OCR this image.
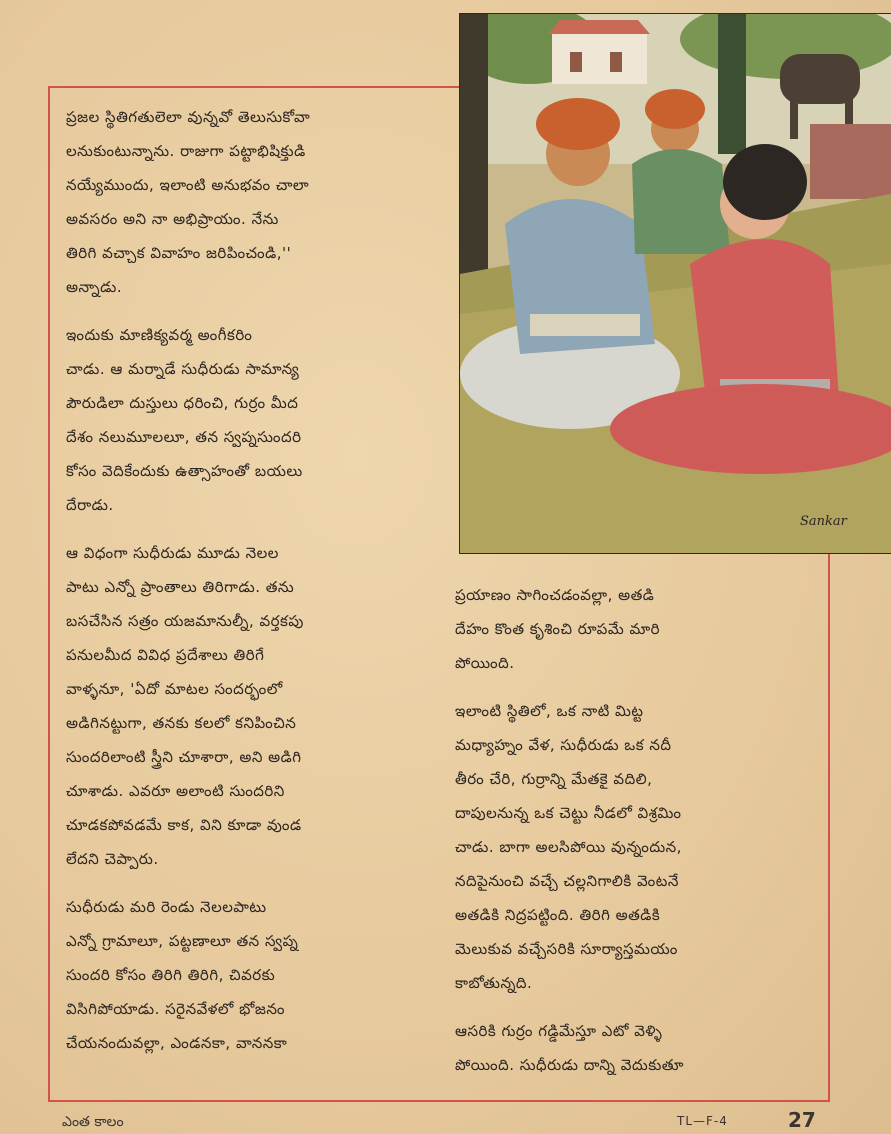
Sankar
ప్రజల స్థితిగతులెలా వున్నవో తెలుసుకోవా
లనుకుంటున్నాను. రాజుగా పట్టాభిషిక్తుడి
నయ్యేముందు, ఇలాంటి అనుభవం చాలా
అవసరం అని నా అభిప్రాయం. నేను
తిరిగి వచ్చాక వివాహం జరిపించండి,''
అన్నాడు.
ఇందుకు మాణిక్యవర్మ అంగీకరిం
చాడు. ఆ మర్నాడే సుధీరుడు సామాన్య
పౌరుడిలా దుస్తులు ధరించి, గుర్రం మీద
దేశం నలుమూలలూ, తన స్వప్నసుందరి
కోసం వెదికేందుకు ఉత్సాహంతో బయలు
దేరాడు.
ఆ విధంగా సుధీరుడు మూడు నెలల
పాటు ఎన్నో ప్రాంతాలు తిరిగాడు. తను
బసచేసిన సత్రం యజమానుల్నీ, వర్తకపు
పనులమీద వివిధ ప్రదేశాలు తిరిగే
వాళ్ళనూ, 'ఏదో మాటల సందర్భంలో
అడిగినట్టుగా, తనకు కలలో కనిపించిన
సుందరిలాంటి స్త్రీని చూశారా, అని అడిగి
చూశాడు. ఎవరూ అలాంటి సుందరిని
చూడకపోవడమే కాక, విని కూడా వుండ
లేదని చెప్పారు.
సుధీరుడు మరి రెండు నెలలపాటు
ఎన్నో గ్రామాలూ, పట్టణాలూ తన స్వప్న
సుందరి కోసం తిరిగి తిరిగి, చివరకు
విసిగిపోయాడు. సరైనవేళలో భోజనం
చేయనందువల్లా, ఎండనకా, వాననకా
ప్రయాణం సాగించడంవల్లా, అతడి
దేహం కొంత కృశించి రూపమే మారి
పోయింది.
ఇలాంటి స్థితిలో, ఒక నాటి మిట్ట
మధ్యాహ్నం వేళ, సుధీరుడు ఒక నదీ
తీరం చేరి, గుర్రాన్ని మేతకై వదిలి,
దాపులనున్న ఒక చెట్టు నీడలో విశ్రమిం
చాడు. బాగా అలసిపోయి వున్నందున,
నదిపైనుంచి వచ్చే చల్లనిగాలికి వెంటనే
అతడికి నిద్రపట్టింది. తిరిగి అతడికి
మెలుకువ వచ్చేసరికి సూర్యాస్తమయం
కాబోతున్నది.
ఆసరికి గుర్రం గడ్డిమేస్తూ ఎటో వెళ్ళి
పోయింది. సుధీరుడు దాన్ని వెదుకుతూ
ఎంత కాలం	TL—F-4	27
